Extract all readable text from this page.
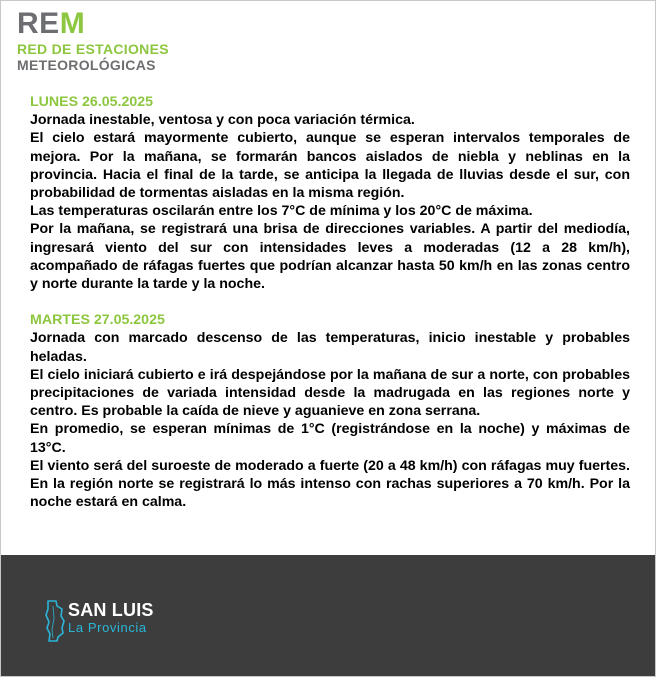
REM
RED DE ESTACIONES
METEOROLÓGICAS
LUNES 26.05.2025
Jornada inestable, ventosa y con poca variación térmica.
El cielo estará mayormente cubierto, aunque se esperan intervalos temporales de mejora. Por la mañana, se formarán bancos aislados de niebla y neblinas en la provincia. Hacia el final de la tarde, se anticipa la llegada de lluvias desde el sur, con probabilidad de tormentas aisladas en la misma región.
Las temperaturas oscilarán entre los 7°C de mínima y los 20°C de máxima.
Por la mañana, se registrará una brisa de direcciones variables. A partir del mediodía, ingresará viento del sur con intensidades leves a moderadas (12 a 28 km/h), acompañado de ráfagas fuertes que podrían alcanzar hasta 50 km/h en las zonas centro y norte durante la tarde y la noche.
MARTES 27.05.2025
Jornada con marcado descenso de las temperaturas, inicio inestable y probables heladas.
El cielo iniciará cubierto e irá despejándose por la mañana de sur a norte, con probables precipitaciones de variada intensidad desde la madrugada en las regiones norte y centro. Es probable la caída de nieve y aguanieve en zona serrana.
En promedio, se esperan mínimas de 1°C (registrándose en la noche) y máximas de 13°C.
El viento será del suroeste de moderado a fuerte (20 a 48 km/h) con ráfagas muy fuertes. En la región norte se registrará lo más intenso con rachas superiores a 70 km/h. Por la noche estará en calma.
SAN LUIS
La Provincia
